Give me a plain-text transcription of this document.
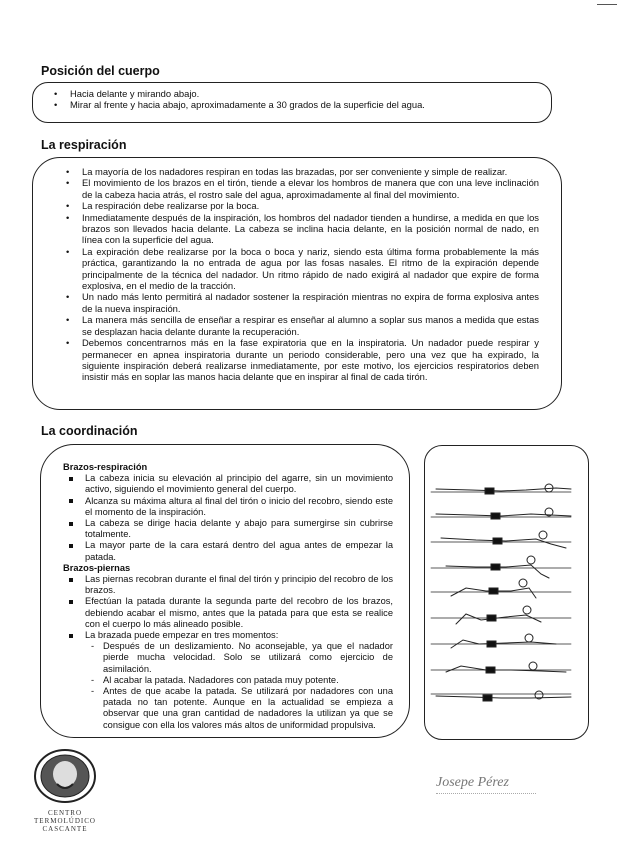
Posición del cuerpo
• Hacia delante y mirando abajo.
• Mirar al frente y hacia abajo, aproximadamente a 30 grados de la superficie del agua.
La respiración
• La mayoría de los nadadores respiran en todas las brazadas, por ser conveniente y simple de realizar.
• El movimiento de los brazos en el tirón, tiende a elevar los hombros de manera que con una leve inclinación de la cabeza hacia atrás, el rostro sale del agua, aproximadamente al final del movimiento.
• La respiración debe realizarse por la boca.
• Inmediatamente después de la inspiración, los hombros del nadador tienden a hundirse, a medida en que los brazos son llevados hacia delante. La cabeza se inclina hacia delante, en la posición normal de nado, en línea con la superficie del agua.
• La expiración debe realizarse por la boca o boca y nariz, siendo esta última forma probablemente la más práctica, garantizando la no entrada de agua por las fosas nasales. El ritmo de la expiración depende principalmente de la técnica del nadador. Un ritmo rápido de nado exigirá al nadador que expire de forma explosiva, en el medio de la tracción.
• Un nado más lento permitirá al nadador sostener la respiración mientras no expira de forma explosiva antes de la nueva inspiración.
• La manera más sencilla de enseñar a respirar es enseñar al alumno a soplar sus manos a medida que estas se desplazan hacia delante durante la recuperación.
• Debemos concentrarnos más en la fase expiratoria que en la inspiratoria. Un nadador puede respirar y permanecer en apnea inspiratoria durante un periodo considerable, pero una vez que ha expirado, la siguiente inspiración deberá realizarse inmediatamente, por este motivo, los ejercicios respiratorios deben insistir más en soplar las manos hacia delante que en inspirar al final de cada tirón.
La coordinación
Brazos-respiración
La cabeza inicia su elevación al principio del agarre, sin un movimiento activo, siguiendo el movimiento general del cuerpo.
Alcanza su máxima altura al final del tirón o inicio del recobro, siendo este el momento de la inspiración.
La cabeza se dirige hacia delante y abajo para sumergirse sin cubrirse totalmente.
La mayor parte de la cara estará dentro del agua antes de empezar la patada.
Brazos-piernas
Las piernas recobran durante el final del tirón y principio del recobro de los brazos.
Efectúan la patada durante la segunda parte del recobro de los brazos, debiendo acabar el mismo, antes que la patada para que esta se realice con el cuerpo lo más alineado posible.
La brazada puede empezar en tres momentos:
- Después de un deslizamiento. No aconsejable, ya que el nadador pierde mucha velocidad. Solo se utilizará como ejercicio de asimilación.
- Al acabar la patada. Nadadores con patada muy potente.
- Antes de que acabe la patada. Se utilizará por nadadores con una patada no tan potente. Aunque en la actualidad se empieza a observar que una gran cantidad de nadadores la utilizan ya que se consigue con ella los valores más altos de uniformidad propulsiva.
CENTRO
TERMOLÚDICO
CASCANTE
Josepe Pérez
